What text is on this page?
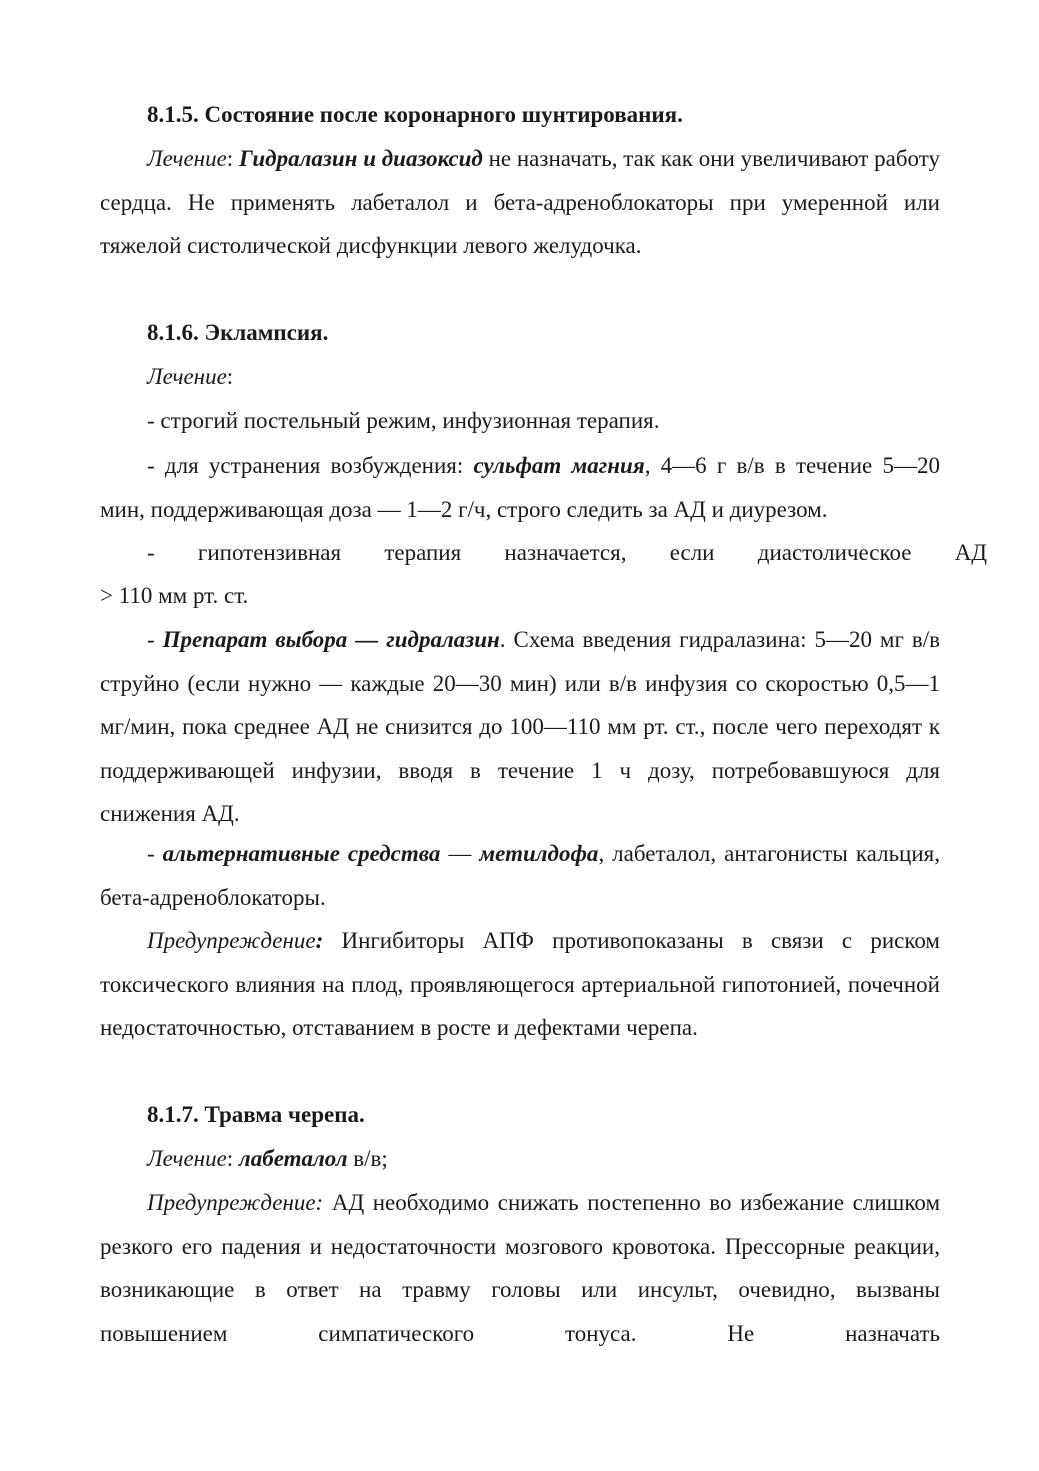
8.1.5. Состояние после коронарного шунтирования.
Лечение: Гидралазин и диазоксид не назначать, так как они увеличивают работу сердца. Не применять лабеталол и бета-адреноблокаторы при умеренной или тяжелой систолической дисфункции левого желудочка.
8.1.6. Эклампсия.
Лечение:
- строгий постельный режим, инфузионная терапия.
- для устранения возбуждения: сульфат магния, 4—6 г в/в в течение 5—20 мин, поддерживающая доза — 1—2 г/ч, строго следить за АД и диурезом.
- гипотензивная терапия назначается, если диастолическое АД
> 110 мм рт. ст.
- Препарат выбора — гидралазин. Схема введения гидралазина: 5—20 мг в/в струйно (если нужно — каждые 20—30 мин) или в/в инфузия со скоростью 0,5—1 мг/мин, пока среднее АД не снизится до 100—110 мм рт. ст., после чего переходят к поддерживающей инфузии, вводя в течение 1 ч дозу, потребовавшуюся для снижения АД.
- альтернативные средства — метилдофа, лабеталол, антагонисты кальция, бета-адреноблокаторы.
Предупреждение: Ингибиторы АПФ противопоказаны в связи с риском токсического влияния на плод, проявляющегося артериальной гипотонией, почечной недостаточностью, отставанием в росте и дефектами черепа.
8.1.7. Травма черепа.
Лечение: лабеталол в/в;
Предупреждение: АД необходимо снижать постепенно во избежание слишком резкого его падения и недостаточности мозгового кровотока. Прессорные реакции, возникающие в ответ на травму головы или инсульт, очевидно, вызваны повышением симпатического тонуса. Не назначать
